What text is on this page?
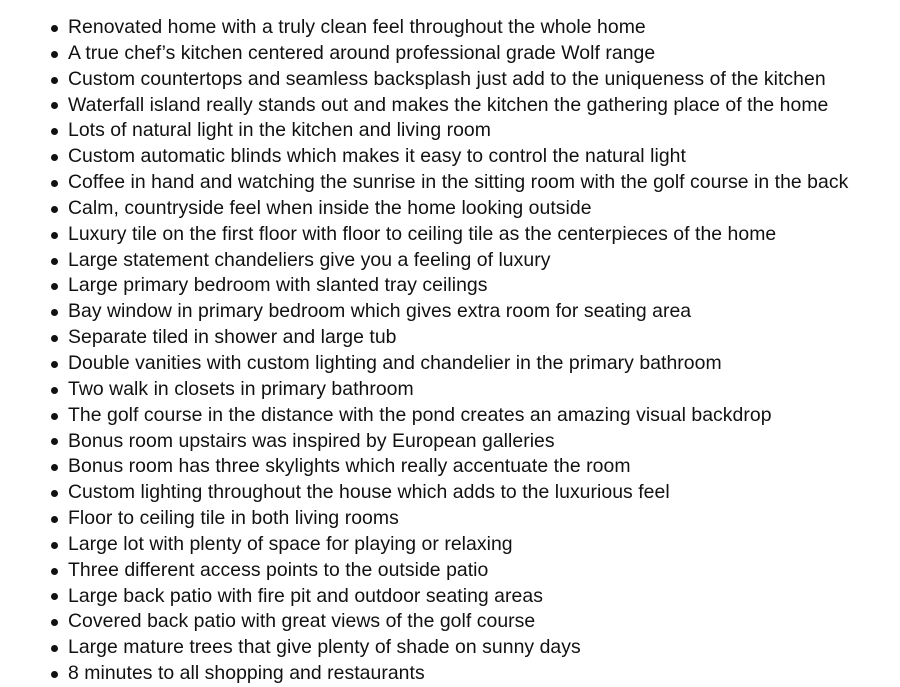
Renovated home with a truly clean feel throughout the whole home
A true chef’s kitchen centered around professional grade Wolf range
Custom countertops and seamless backsplash just add to the uniqueness of the kitchen
Waterfall island really stands out and makes the kitchen the gathering place of the home
Lots of natural light in the kitchen and living room
Custom automatic blinds which makes it easy to control the natural light
Coffee in hand and watching the sunrise in the sitting room with the golf course in the back
Calm, countryside feel when inside the home looking outside
Luxury tile on the first floor with floor to ceiling tile as the centerpieces of the home
Large statement chandeliers give you a feeling of luxury
Large primary bedroom with slanted tray ceilings
Bay window in primary bedroom which gives extra room for seating area
Separate tiled in shower and large tub
Double vanities with custom lighting and chandelier in the primary bathroom
Two walk in closets in primary bathroom
The golf course in the distance with the pond creates an amazing visual backdrop
Bonus room upstairs was inspired by European galleries
Bonus room has three skylights which really accentuate the room
Custom lighting throughout the house which adds to the luxurious feel
Floor to ceiling tile in both living rooms
Large lot with plenty of space for playing or relaxing
Three different access points to the outside patio
Large back patio with fire pit and outdoor seating areas
Covered back patio with great views of the golf course
Large mature trees that give plenty of shade on sunny days
8 minutes to all shopping and restaurants
